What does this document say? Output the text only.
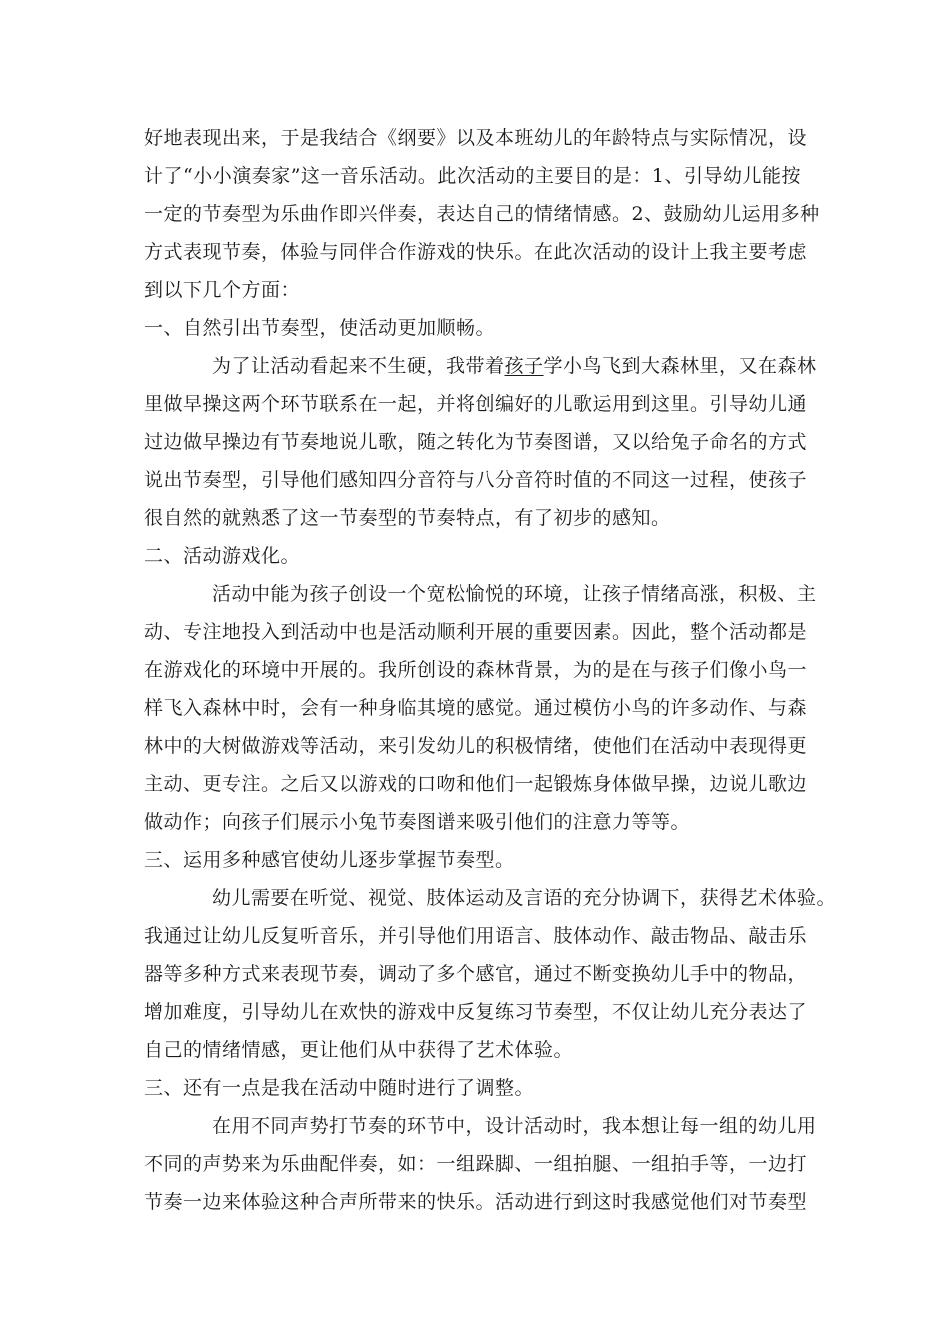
好地表现出来，于是我结合《纲要》以及本班幼儿的年龄特点与实际情况，设
计了“小小演奏家”这一音乐活动。此次活动的主要目的是：1、引导幼儿能按
一定的节奏型为乐曲作即兴伴奏，表达自己的情绪情感。2、鼓励幼儿运用多种
方式表现节奏，体验与同伴合作游戏的快乐。在此次活动的设计上我主要考虑
到以下几个方面：
一、自然引出节奏型，使活动更加顺畅。
为了让活动看起来不生硬，我带着孩子学小鸟飞到大森林里，又在森林
里做早操这两个环节联系在一起，并将创编好的儿歌运用到这里。引导幼儿通
过边做早操边有节奏地说儿歌，随之转化为节奏图谱，又以给兔子命名的方式
说出节奏型，引导他们感知四分音符与八分音符时值的不同这一过程，使孩子
很自然的就熟悉了这一节奏型的节奏特点，有了初步的感知。
二、活动游戏化。
活动中能为孩子创设一个宽松愉悦的环境，让孩子情绪高涨，积极、主
动、专注地投入到活动中也是活动顺利开展的重要因素。因此，整个活动都是
在游戏化的环境中开展的。我所创设的森林背景，为的是在与孩子们像小鸟一
样飞入森林中时，会有一种身临其境的感觉。通过模仿小鸟的许多动作、与森
林中的大树做游戏等活动，来引发幼儿的积极情绪，使他们在活动中表现得更
主动、更专注。之后又以游戏的口吻和他们一起锻炼身体做早操，边说儿歌边
做动作；向孩子们展示小兔节奏图谱来吸引他们的注意力等等。
三、运用多种感官使幼儿逐步掌握节奏型。
幼儿需要在听觉、视觉、肢体运动及言语的充分协调下，获得艺术体验。
我通过让幼儿反复听音乐，并引导他们用语言、肢体动作、敲击物品、敲击乐
器等多种方式来表现节奏，调动了多个感官，通过不断变换幼儿手中的物品，
增加难度，引导幼儿在欢快的游戏中反复练习节奏型，不仅让幼儿充分表达了
自己的情绪情感，更让他们从中获得了艺术体验。
三、还有一点是我在活动中随时进行了调整。
在用不同声势打节奏的环节中，设计活动时，我本想让每一组的幼儿用
不同的声势来为乐曲配伴奏，如：一组跺脚、一组拍腿、一组拍手等，一边打
节奏一边来体验这种合声所带来的快乐。活动进行到这时我感觉他们对节奏型
